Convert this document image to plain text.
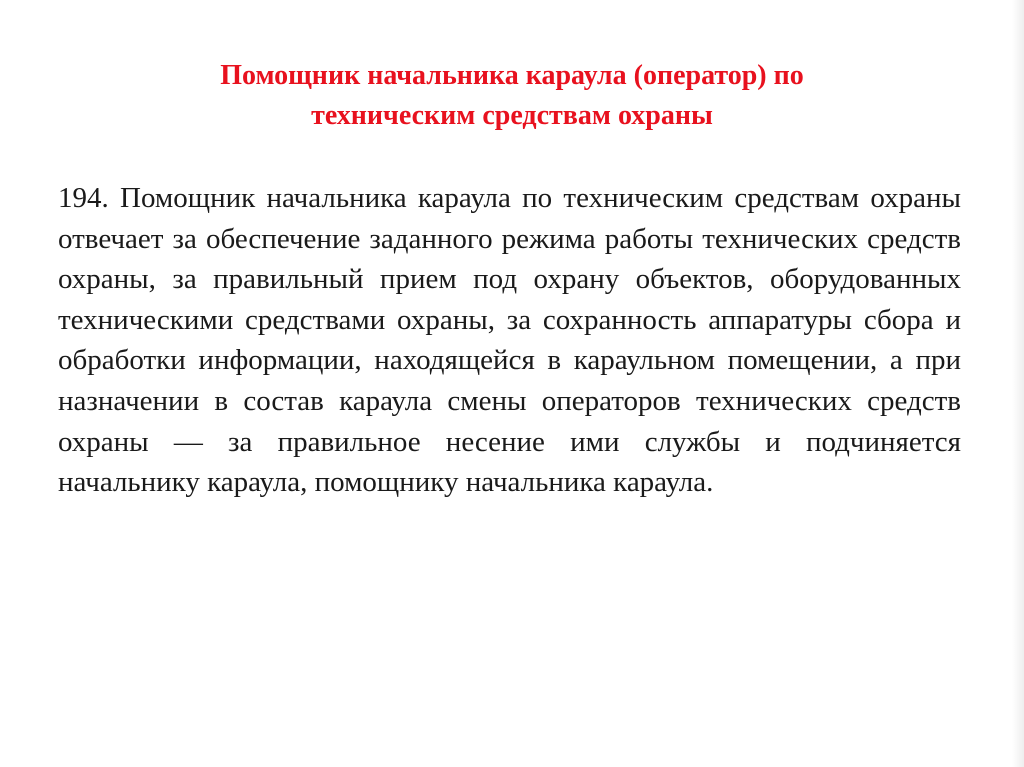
Помощник начальника караула (оператор) по
техническим средствам охраны

194. Помощник начальника караула по техническим средствам охраны отвечает за обеспечение заданного режима работы технических средств охраны, за правильный прием под охрану объектов, оборудованных техническими средствами охраны, за сохранность аппаратуры сбора и обработки информации, находящейся в караульном помещении, а при назначении в состав караула смены операторов технических средств охраны — за правильное несение ими службы и подчиняется начальнику караула, помощнику начальника караула.
